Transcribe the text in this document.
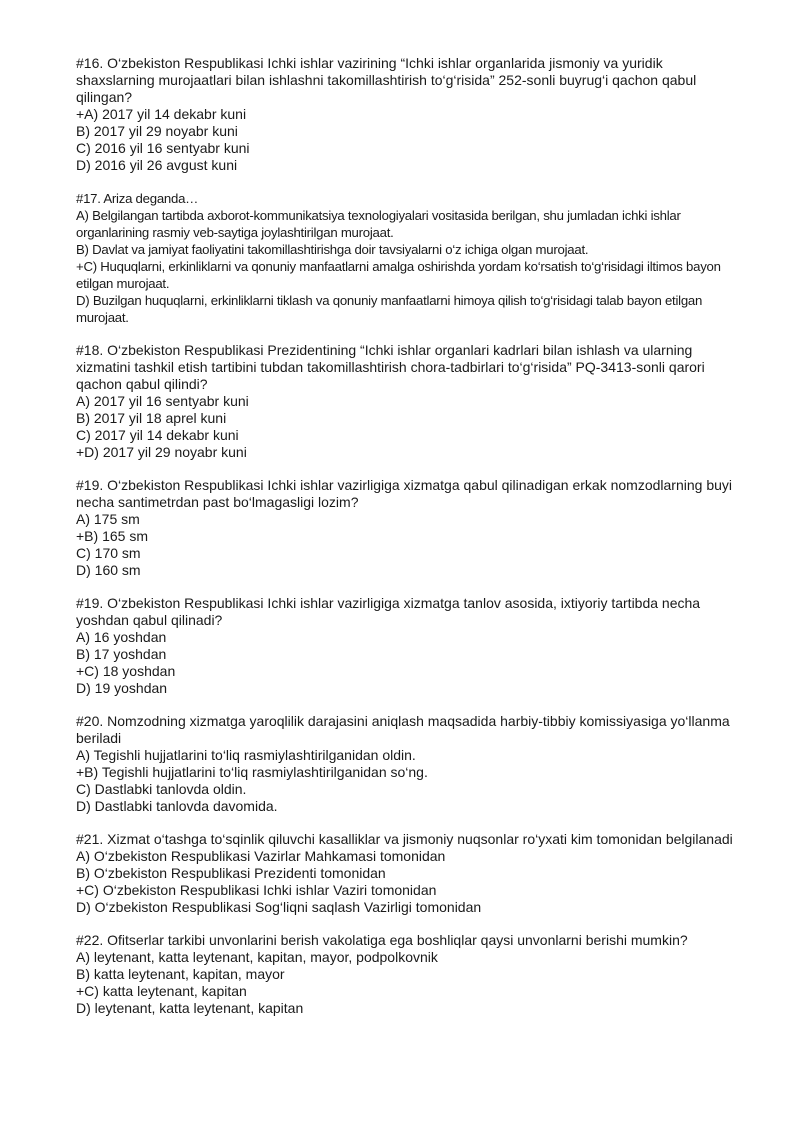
#16. O‘zbekiston Respublikasi Ichki ishlar vazirining “Ichki ishlar organlarida jismoniy va yuridik shaxslarning murojaatlari bilan ishlashni takomillashtirish to‘g‘risida” 252-sonli buyrug‘i qachon qabul qilingan?

+A) 2017 yil 14 dekabr kuni
B) 2017 yil 29 noyabr kuni
C) 2016 yil 16 sentyabr kuni
D) 2016 yil 26 avgust kuni

#17. Ariza deganda…

A) Belgilangan tartibda axborot-kommunikatsiya texnologiyalari vositasida berilgan, shu jumladan ichki ishlar organlarining rasmiy veb-saytiga joylashtirilgan murojaat.
B) Davlat va jamiyat faoliyatini takomillashtirishga doir tavsiyalarni o‘z ichiga olgan murojaat.
+C) Huquqlarni, erkinliklarni va qonuniy manfaatlarni amalga oshirishda yordam ko‘rsatish to‘g‘risidagi iltimos bayon etilgan murojaat.
D) Buzilgan huquqlarni, erkinliklarni tiklash va qonuniy manfaatlarni himoya qilish to‘g‘risidagi talab bayon etilgan murojaat.

#18. O‘zbekiston Respublikasi Prezidentining “Ichki ishlar organlari kadrlari bilan ishlash va ularning xizmatini tashkil etish tartibini tubdan takomillashtirish chora-tadbirlari to‘g‘risida” PQ-3413-sonli qarori qachon qabul qilindi?

A) 2017 yil 16 sentyabr kuni
B) 2017 yil 18 aprel kuni
C) 2017 yil 14 dekabr kuni
+D) 2017 yil 29 noyabr kuni

#19. O‘zbekiston Respublikasi Ichki ishlar vazirligiga xizmatga qabul qilinadigan erkak nomzodlarning buyi necha santimetrdan past bo‘lmagasligi lozim?

A) 175 sm
+B) 165 sm
C) 170 sm
D) 160 sm

#19. O‘zbekiston Respublikasi Ichki ishlar vazirligiga xizmatga tanlov asosida, ixtiyoriy tartibda necha yoshdan qabul qilinadi?

A) 16 yoshdan
B) 17 yoshdan
+C) 18 yoshdan
D) 19 yoshdan

#20. Nomzodning xizmatga yaroqlilik darajasini aniqlash maqsadida harbiy-tibbiy komissiyasiga yo‘llanma beriladi

A) Tegishli hujjatlarini to‘liq rasmiylashtirilganidan oldin.
+B) Tegishli hujjatlarini to‘liq rasmiylashtirilganidan so‘ng.
C) Dastlabki tanlovda oldin.
D) Dastlabki tanlovda davomida.

#21. Xizmat o‘tashga to‘sqinlik qiluvchi kasalliklar va jismoniy nuqsonlar ro‘yxati kim tomonidan belgilanadi

A) O‘zbekiston Respublikasi Vazirlar Mahkamasi tomonidan
B) O‘zbekiston Respublikasi Prezidenti tomonidan
+C) O‘zbekiston Respublikasi Ichki ishlar Vaziri tomonidan
D) O‘zbekiston Respublikasi Sog‘liqni saqlash Vazirligi tomonidan

#22. Ofitserlar tarkibi unvonlarini berish vakolatiga ega boshliqlar qaysi unvonlarni berishi mumkin?

A) leytenant, katta leytenant, kapitan, mayor, podpolkovnik
B) katta leytenant, kapitan, mayor
+C) katta leytenant, kapitan
D) leytenant, katta leytenant, kapitan
